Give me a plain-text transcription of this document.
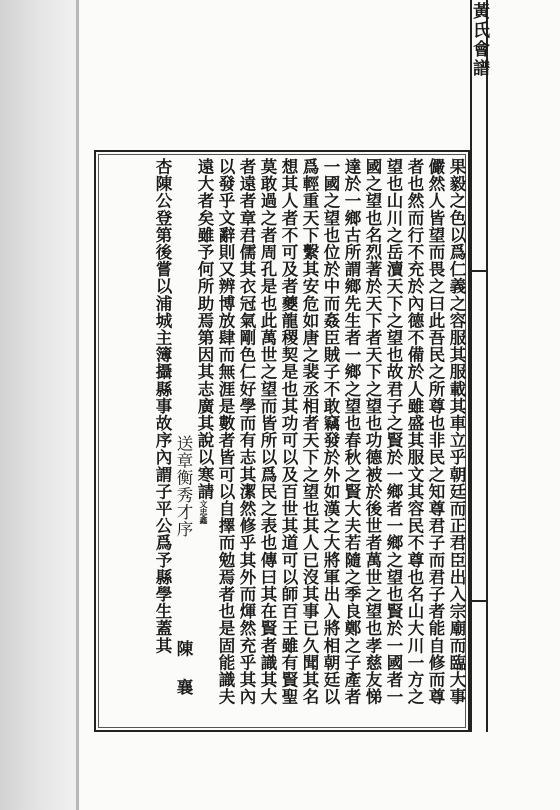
黃氏會譜
果毅之色以爲仁義之容服其服載其車立乎朝廷而正君臣出入宗廟而臨大事
儼然人皆望而畏之曰此吾民之所尊也非民之知尊君子而君子者能自修而尊
者也然而行不充於內德不備於人雖盛其服文其容民不尊也名山大川一方之
望也山川之岳瀆天下之望也故君子之賢於一鄉者一鄉之望也賢於一國者一
國之望也名烈著於天下者天下之望也功德被於後世者萬世之望也孝慈友悌
達於一鄉古所謂鄉先生者一鄉之望也春秋之賢大夫若隨之季良鄭之子產者
一國之望也位於中而姦臣賊子不敢竊發於外如漢之大將軍出入將相朝廷以
爲輕重天下繫其安危如唐之裴丞相者天下之望也其人已沒其事已久聞其名
想其人者不可及者夔龍稷契是也其功可以及百世其道可以師百王雖有賢聖
莫敢過之者周孔是也此萬世之望而皆所以爲民之表也傳曰其在賢者識其大
者遠者章君儒其衣冠氣剛色仁好學而有志其潔然修乎其外而煇然充乎其內
以發乎文辭則又辨博放肆而無涯是數者皆可以自擇而勉焉者也是固能識夫
遠大者矣雖予何所助焉第因其志廣其說以寒請文忠鑫
送章衡秀才序
陳 襄
杏陳公登第後嘗以浦城主簿攝縣事故序內謂子平公爲予縣學生蓋其
